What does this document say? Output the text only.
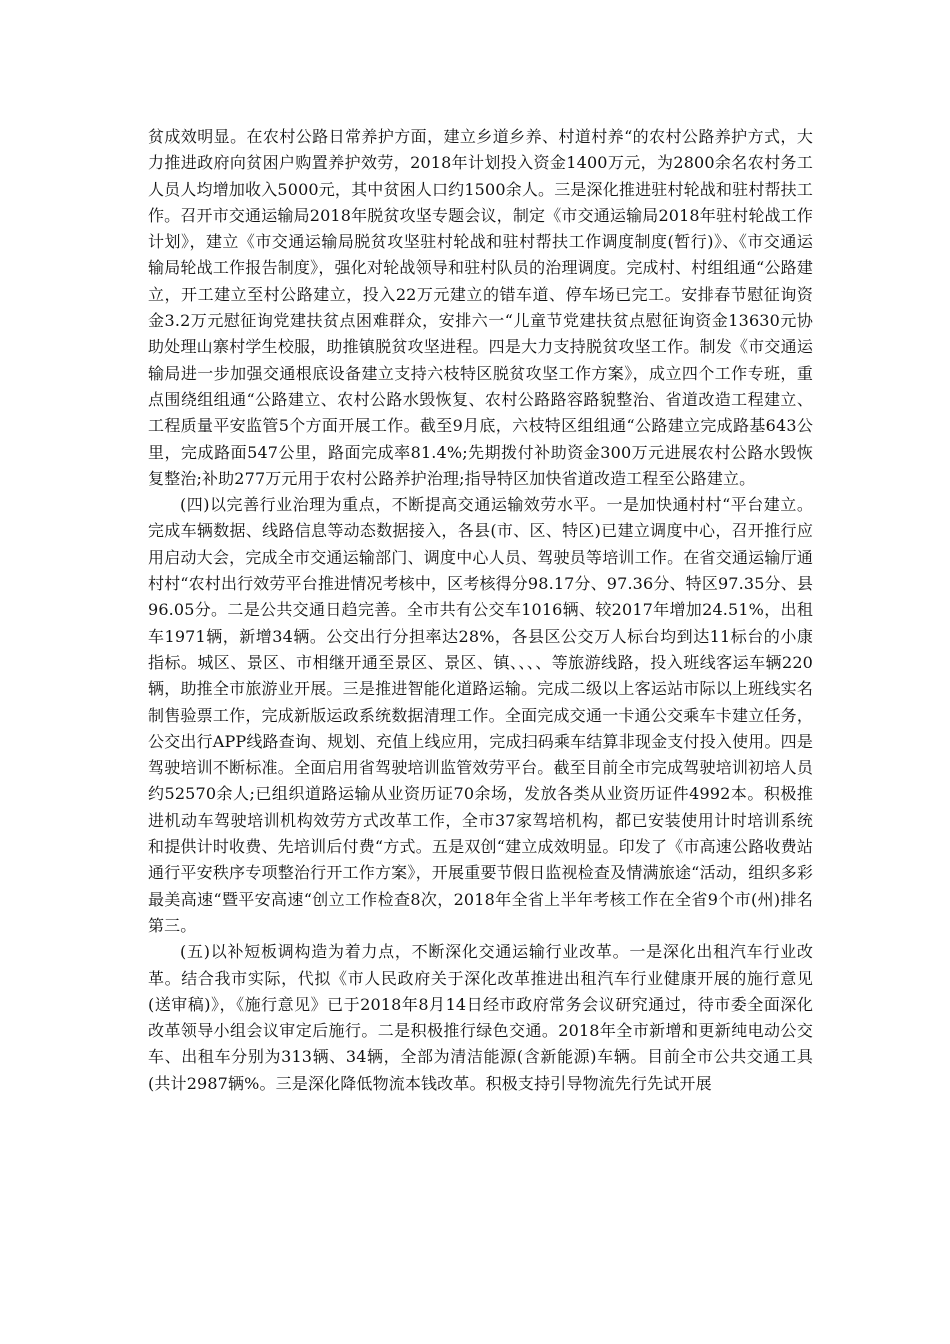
贫成效明显。在农村公路日常养护方面，建立乡道乡养、村道村养“的农村公路养护方式，大力推进政府向贫困户购置养护效劳，2018年计划投入资金1400万元，为2800余名农村务工人员人均增加收入5000元，其中贫困人口约1500余人。三是深化推进驻村轮战和驻村帮扶工作。召开市交通运输局2018年脱贫攻坚专题会议，制定《市交通运输局2018年驻村轮战工作计划》，建立《市交通运输局脱贫攻坚驻村轮战和驻村帮扶工作调度制度(暂行)》、《市交通运输局轮战工作报告制度》，强化对轮战领导和驻村队员的治理调度。完成村、村组组通“公路建立，开工建立至村公路建立，投入22万元建立的错车道、停车场已完工。安排春节慰征询资金3.2万元慰征询党建扶贫点困难群众，安排六一“儿童节党建扶贫点慰征询资金13630元协助处理山寨村学生校服，助推镇脱贫攻坚进程。四是大力支持脱贫攻坚工作。制发《市交通运输局进一步加强交通根底设备建立支持六枝特区脱贫攻坚工作方案》，成立四个工作专班，重点围绕组组通“公路建立、农村公路水毁恢复、农村公路路容路貌整治、省道改造工程建立、工程质量平安监管5个方面开展工作。截至9月底，六枝特区组组通“公路建立完成路基643公里，完成路面547公里，路面完成率81.4%;先期拨付补助资金300万元进展农村公路水毁恢复整治;补助277万元用于农村公路养护治理;指导特区加快省道改造工程至公路建立。

(四)以完善行业治理为重点，不断提高交通运输效劳水平。一是加快通村村“平台建立。完成车辆数据、线路信息等动态数据接入，各县(市、区、特区)已建立调度中心，召开推行应用启动大会，完成全市交通运输部门、调度中心人员、驾驶员等培训工作。在省交通运输厅通村村“农村出行效劳平台推进情况考核中，区考核得分98.17分、97.36分、特区97.35分、县96.05分。二是公共交通日趋完善。全市共有公交车1016辆、较2017年增加24.51%，出租车1971辆，新增34辆。公交出行分担率达28%，各县区公交万人标台均到达11标台的小康指标。城区、景区、市相继开通至景区、景区、镇、、、、等旅游线路，投入班线客运车辆220辆，助推全市旅游业开展。三是推进智能化道路运输。完成二级以上客运站市际以上班线实名制售验票工作，完成新版运政系统数据清理工作。全面完成交通一卡通公交乘车卡建立任务，公交出行APP线路查询、规划、充值上线应用，完成扫码乘车结算非现金支付投入使用。四是驾驶培训不断标准。全面启用省驾驶培训监管效劳平台。截至目前全市完成驾驶培训初培人员约52570余人;已组织道路运输从业资历证70余场，发放各类从业资历证件4992本。积极推进机动车驾驶培训机构效劳方式改革工作，全市37家驾培机构，都已安装使用计时培训系统和提供计时收费、先培训后付费“方式。五是双创“建立成效明显。印发了《市高速公路收费站通行平安秩序专项整治行开工作方案》，开展重要节假日监视检查及情满旅途“活动，组织多彩最美高速“暨平安高速“创立工作检查8次，2018年全省上半年考核工作在全省9个市(州)排名第三。

(五)以补短板调构造为着力点，不断深化交通运输行业改革。一是深化出租汽车行业改革。结合我市实际，代拟《市人民政府关于深化改革推进出租汽车行业健康开展的施行意见(送审稿)》，《施行意见》已于2018年8月14日经市政府常务会议研究通过，待市委全面深化改革领导小组会议审定后施行。二是积极推行绿色交通。2018年全市新增和更新纯电动公交车、出租车分别为313辆、34辆，全部为清洁能源(含新能源)车辆。目前全市公共交通工具(共计2987辆%。三是深化降低物流本钱改革。积极支持引导物流先行先试开展
